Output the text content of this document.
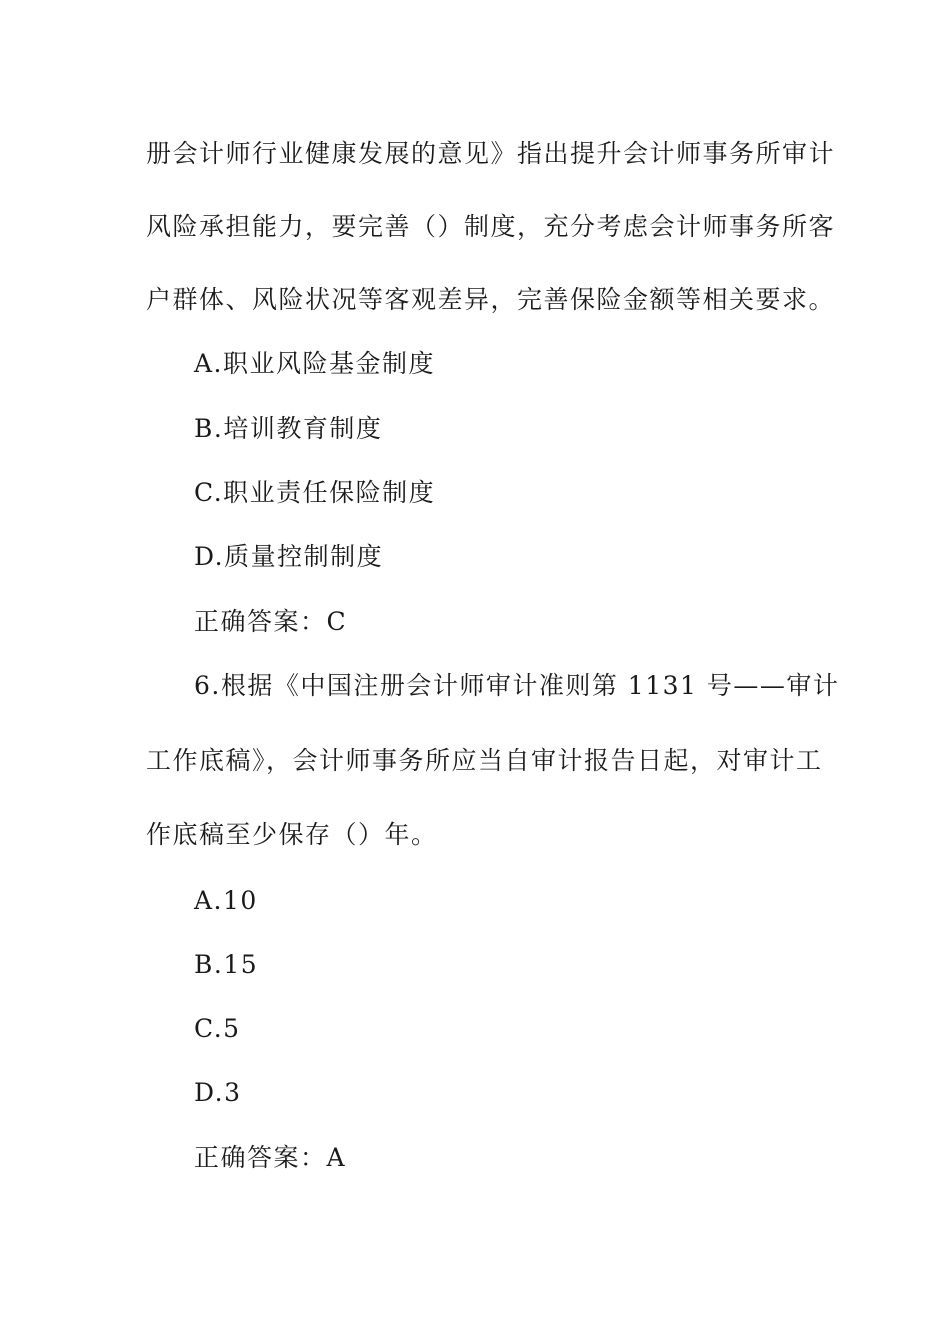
册会计师行业健康发展的意见》指出提升会计师事务所审计
风险承担能力，要完善（）制度，充分考虑会计师事务所客
户群体、风险状况等客观差异，完善保险金额等相关要求。
A.职业风险基金制度
B.培训教育制度
C.职业责任保险制度
D.质量控制制度
正确答案：C
6.根据《中国注册会计师审计准则第 1131 号——审计
工作底稿》，会计师事务所应当自审计报告日起，对审计工
作底稿至少保存（）年。
A.10
B.15
C.5
D.3
正确答案：A
